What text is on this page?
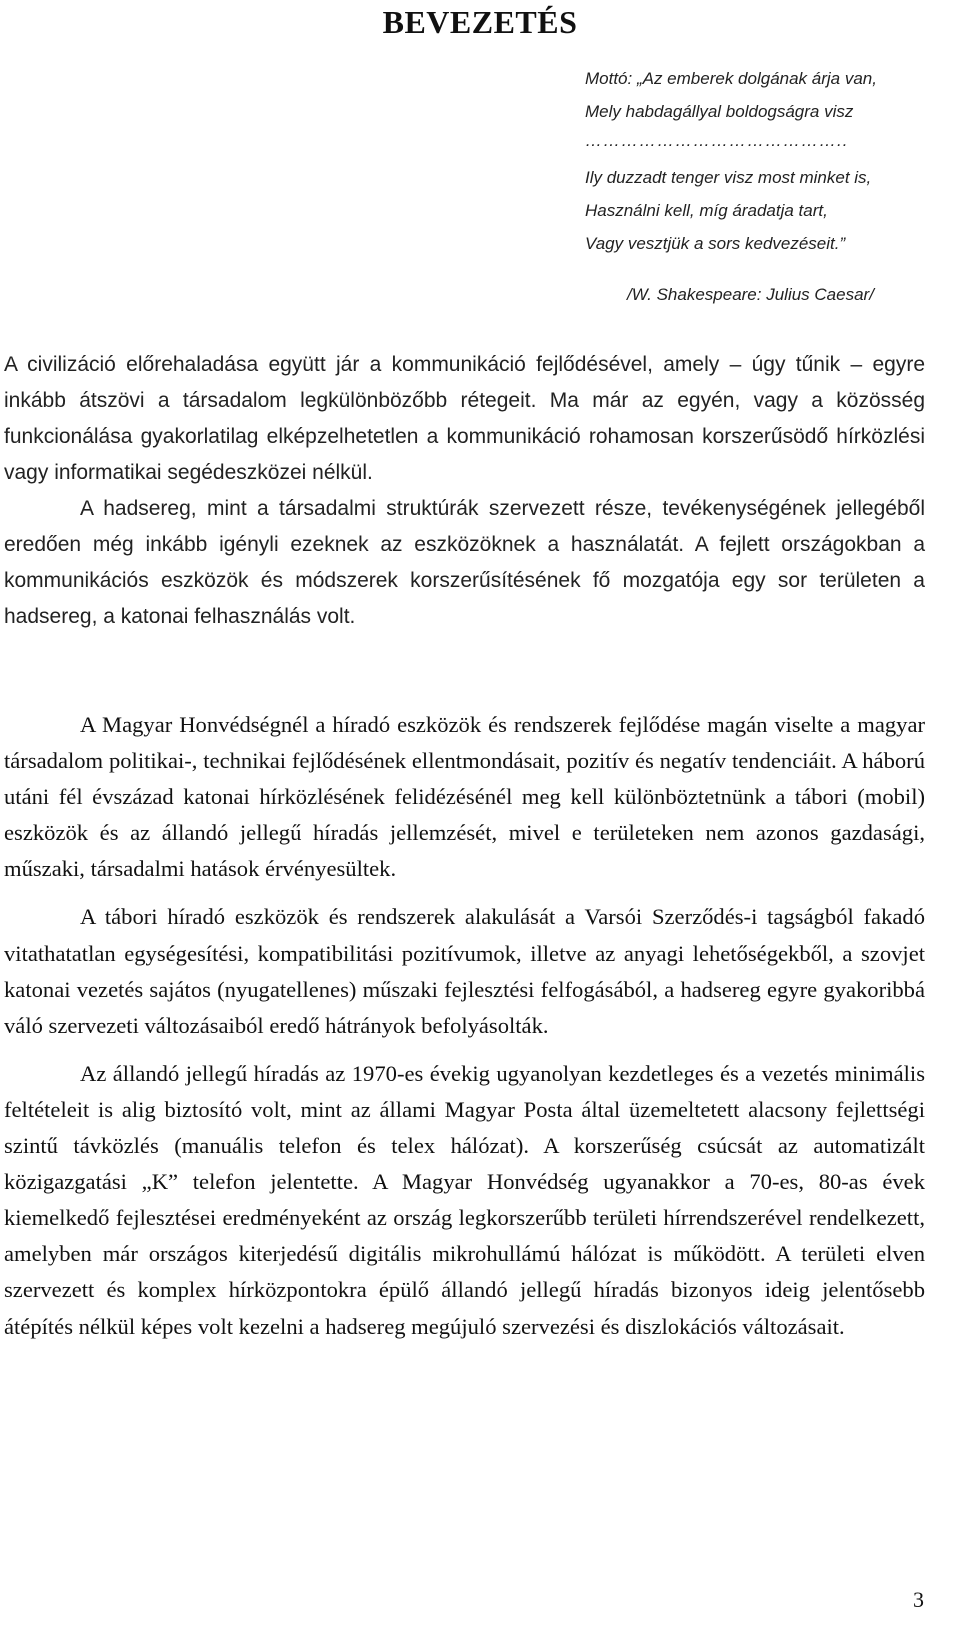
BEVEZETÉS
Mottó: „Az emberek dolgának árja van,
Mely habdagállyal boldogságra visz
……………………………………..
Ily duzzadt tenger visz most minket is,
Használni kell, míg áradatja tart,
Vagy vesztjük a sors kedvezéseit.”
/W. Shakespeare: Julius Caesar/

A civilizáció előrehaladása együtt jár a kommunikáció fejlődésével, amely – úgy tűnik – egyre inkább átszövi a társadalom legkülönbözőbb rétegeit. Ma már az egyén, vagy a közösség funkcionálása gyakorlatilag elképzelhetetlen a kommunikáció rohamosan korszerűsödő hírközlési vagy informatikai segédeszközei nélkül.

A hadsereg, mint a társadalmi struktúrák szervezett része, tevékenységének jellegéből eredően még inkább igényli ezeknek az eszközöknek a használatát. A fejlett országokban a kommunikációs eszközök és módszerek korszerűsítésének fő mozgatója egy sor területen a hadsereg, a katonai felhasználás volt.

A Magyar Honvédségnél a híradó eszközök és rendszerek fejlődése magán viselte a magyar társadalom politikai-, technikai fejlődésének ellentmondásait, pozitív és negatív tendenciáit. A háború utáni fél évszázad katonai hírközlésének felidézésénél meg kell különböztetnünk a tábori (mobil) eszközök és az állandó jellegű híradás jellemzését, mivel e területeken nem azonos gazdasági, műszaki, társadalmi hatások érvényesültek.

A tábori híradó eszközök és rendszerek alakulását a Varsói Szerződés-i tagságból fakadó vitathatatlan egységesítési, kompatibilitási pozitívumok, illetve az anyagi lehetőségekből, a szovjet katonai vezetés sajátos (nyugatellenes) műszaki fejlesztési felfogásából, a hadsereg egyre gyakoribbá váló szervezeti változásaiból eredő hátrányok befolyásolták.

Az állandó jellegű híradás az 1970-es évekig ugyanolyan kezdetleges és a vezetés minimális feltételeit is alig biztosító volt, mint az állami Magyar Posta által üzemeltetett alacsony fejlettségi szintű távközlés (manuális telefon és telex hálózat). A korszerűség csúcsát az automatizált közigazgatási „K” telefon jelentette. A Magyar Honvédség ugyanakkor a 70-es, 80-as évek kiemelkedő fejlesztései eredményeként az ország legkorszerűbb területi hírrendszerével rendelkezett, amelyben már országos kiterjedésű digitális mikrohullámú hálózat is működött. A területi elven szervezett és komplex hírközpontokra épülő állandó jellegű híradás bizonyos ideig jelentősebb átépítés nélkül képes volt kezelni a hadsereg megújuló szervezési és diszlokációs változásait.

3
